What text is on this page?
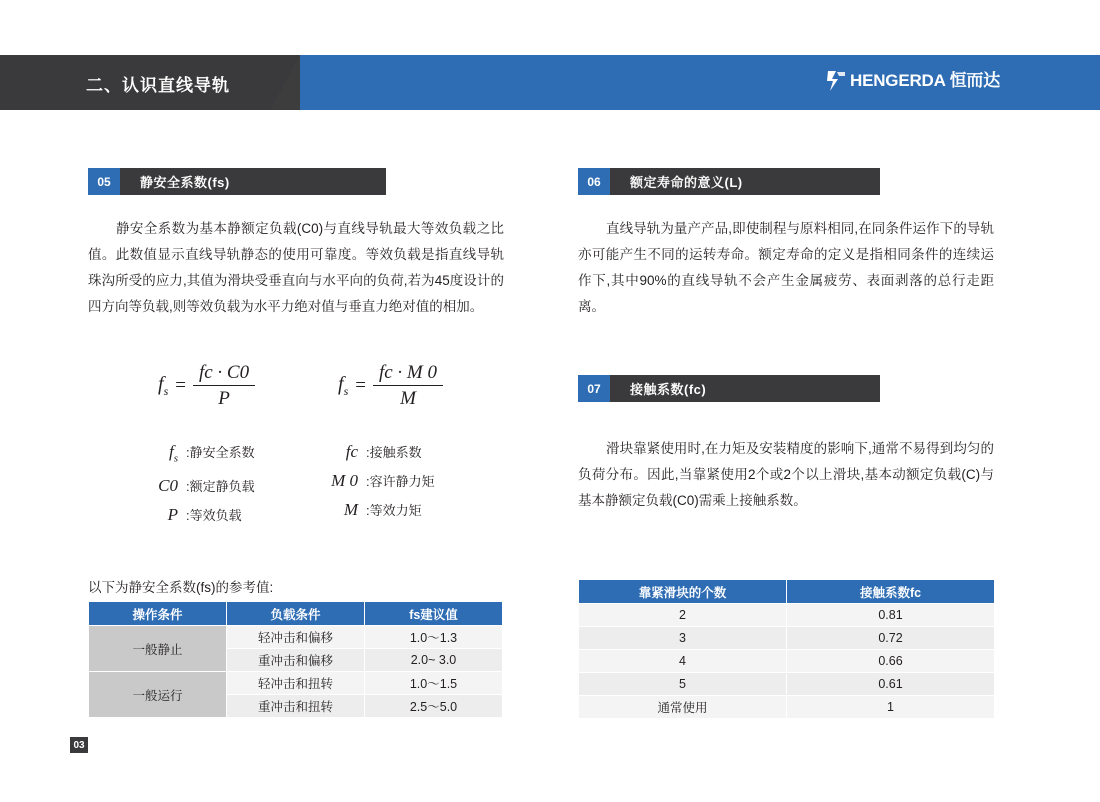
二、认识直线导轨	HENGERDA 恒而达
05	静安全系数(fs)
静安全系数为基本静额定负载(C0)与直线导轨最大等效负载之比值。此数值显示直线导轨静态的使用可靠度。等效负载是指直线导轨珠沟所受的应力,其值为滑块受垂直向与水平向的负荷,若为45度设计的四方向等负载,则等效负载为水平力绝对值与垂直力绝对值的相加。
$f_s = \frac{fc \cdot C0}{P}$	$f_s = \frac{fc \cdot M 0}{M}$
$f_s$ :静安全系数
C0 :额定静负载
P :等效负载
fc :接触系数
M 0 :容许静力矩
M :等效力矩
06	额定寿命的意义(L)
直线导轨为量产产品,即使制程与原料相同,在同条件运作下的导轨亦可能产生不同的运转寿命。额定寿命的定义是指相同条件的连续运作下,其中90%的直线导轨不会产生金属疲劳、表面剥落的总行走距离。
07	接触系数(fc)
滑块靠紧使用时,在力矩及安装精度的影响下,通常不易得到均匀的负荷分布。因此,当靠紧使用2个或2个以上滑块,基本动额定负载(C)与基本静额定负载(C0)需乘上接触系数。
以下为静安全系数(fs)的参考值:
操作条件	负载条件	fs建议值
一般静止	轻冲击和偏移	1.0～1.3
	重冲击和偏移	2.0~ 3.0
一般运行	轻冲击和扭转	1.0～1.5
	重冲击和扭转	2.5～5.0
靠紧滑块的个数	接触系数fc
2	0.81
3	0.72
4	0.66
5	0.61
通常使用	1
03
